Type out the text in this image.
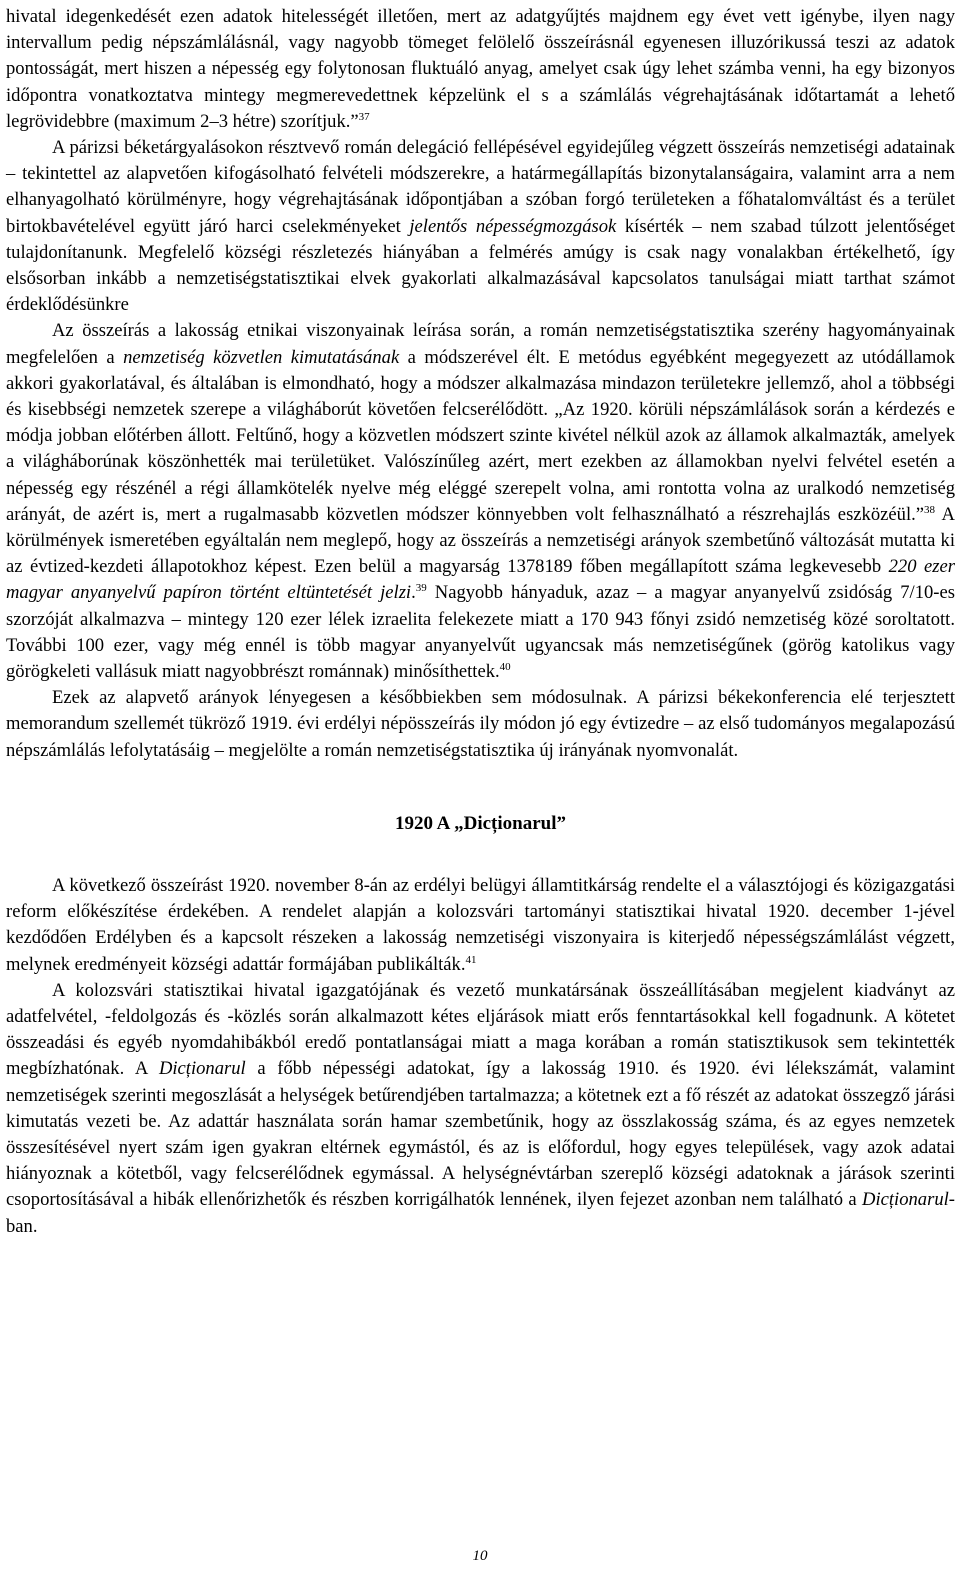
hivatal idegenkedését ezen adatok hitelességét illetően, mert az adatgyűjtés majdnem egy évet vett igénybe, ilyen nagy intervallum pedig népszámlálásnál, vagy nagyobb tömeget felölelő összeírásnál egyenesen illuzórikussá teszi az adatok pontosságát, mert hiszen a népesség egy folytonosan fluktuáló anyag, amelyet csak úgy lehet számba venni, ha egy bizonyos időpontra vonatkoztatva mintegy megmerevedettnek képzelünk el s a számlálás végrehajtásának időtartamát a lehető legrövidebbre (maximum 2–3 hétre) szorítjuk.”$^{37}$

A párizsi béketárgyalásokon résztvevő román delegáció fellépésével egyidejűleg végzett összeírás nemzetiségi adatainak – tekintettel az alapvetően kifogásolható felvételi módszerekre, a határmegállapítás bizonytalanságaira, valamint arra a nem elhanyagolható körülményre, hogy végrehajtásának időpontjában a szóban forgó területeken a főhatalomváltást és a terület birtokbavételével együtt járó harci cselekményeket jelentős népességmozgások kísérték – nem szabad túlzott jelentőséget tulajdonítanunk. Megfelelő községi részletezés hiányában a felmérés amúgy is csak nagy vonalakban értékelhető, így elsősorban inkább a nemzetiségstatisztikai elvek gyakorlati alkalmazásával kapcsolatos tanulságai miatt tarthat számot érdeklődésünkre

Az összeírás a lakosság etnikai viszonyainak leírása során, a román nemzetiségstatisztika szerény hagyományainak megfelelően a nemzetiség közvetlen kimutatásának a módszerével élt. E metódus egyébként megegyezett az utódállamok akkori gyakorlatával, és általában is elmondható, hogy a módszer alkalmazása mindazon területekre jellemző, ahol a többségi és kisebbségi nemzetek szerepe a világháborút követően felcserélődött. „Az 1920. körüli népszámlálások során a kérdezés e módja jobban előtérben állott. Feltűnő, hogy a közvetlen módszert szinte kivétel nélkül azok az államok alkalmazták, amelyek a világháborúnak köszönhették mai területüket. Valószínűleg azért, mert ezekben az államokban nyelvi felvétel esetén a népesség egy részénél a régi államkötelék nyelve még eléggé szerepelt volna, ami rontotta volna az uralkodó nemzetiség arányát, de azért is, mert a rugalmasabb közvetlen módszer könnyebben volt felhasználható a részrehajlás eszközéül.”$^{38}$ A körülmények ismeretében egyáltalán nem meglepő, hogy az összeírás a nemzetiségi arányok szembetűnő változását mutatta ki az évtized-kezdeti állapotokhoz képest. Ezen belül a magyarság 1378189 főben megállapított száma legkevesebb 220 ezer magyar anyanyelvű papíron történt eltüntetését jelzi.$^{39}$ Nagyobb hányaduk, azaz – a magyar anyanyelvű zsidóság 7/10-es szorzóját alkalmazva – mintegy 120 ezer lélek izraelita felekezete miatt a 170 943 főnyi zsidó nemzetiség közé soroltatott. További 100 ezer, vagy még ennél is több magyar anyanyelvűt ugyancsak más nemzetiségűnek (görög katolikus vagy görögkeleti vallásuk miatt nagyobbrészt románnak) minősíthettek.$^{40}$

Ezek az alapvető arányok lényegesen a későbbiekben sem módosulnak. A párizsi békekonferencia elé terjesztett memorandum szellemét tükröző 1919. évi erdélyi népösszeírás ily módon jó egy évtizedre – az első tudományos megalapozású népszámlálás lefolytatásáig – megjelölte a román nemzetiségstatisztika új irányának nyomvonalát.

1920 A „Dicționarul”

A következő összeírást 1920. november 8-án az erdélyi belügyi államtitkárság rendelte el a választójogi és közigazgatási reform előkészítése érdekében. A rendelet alapján a kolozsvári tartományi statisztikai hivatal 1920. december 1-jével kezdődően Erdélyben és a kapcsolt részeken a lakosság nemzetiségi viszonyaira is kiterjedő népességszámlálást végzett, melynek eredményeit községi adattár formájában publikálták.$^{41}$

A kolozsvári statisztikai hivatal igazgatójának és vezető munkatársának összeállításában megjelent kiadványt az adatfelvétel, -feldolgozás és -közlés során alkalmazott kétes eljárások miatt erős fenntartásokkal kell fogadnunk. A kötetet összeadási és egyéb nyomdahibákból eredő pontatlanságai miatt a maga korában a román statisztikusok sem tekintették megbízhatónak. A Dicționarul a főbb népességi adatokat, így a lakosság 1910. és 1920. évi lélekszámát, valamint nemzetiségek szerinti megoszlását a helységek betűrendjében tartalmazza; a kötetnek ezt a fő részét az adatokat összegző járási kimutatás vezeti be. Az adattár használata során hamar szembetűnik, hogy az összlakosság száma, és az egyes nemzetek összesítésével nyert szám igen gyakran eltérnek egymástól, és az is előfordul, hogy egyes települések, vagy azok adatai hiányoznak a kötetből, vagy felcserélődnek egymással. A helységnévtárban szereplő községi adatoknak a járások szerinti csoportosításával a hibák ellenőrizhetők és részben korrigálhatók lennének, ilyen fejezet azonban nem található a Dicționarul-ban.

10
